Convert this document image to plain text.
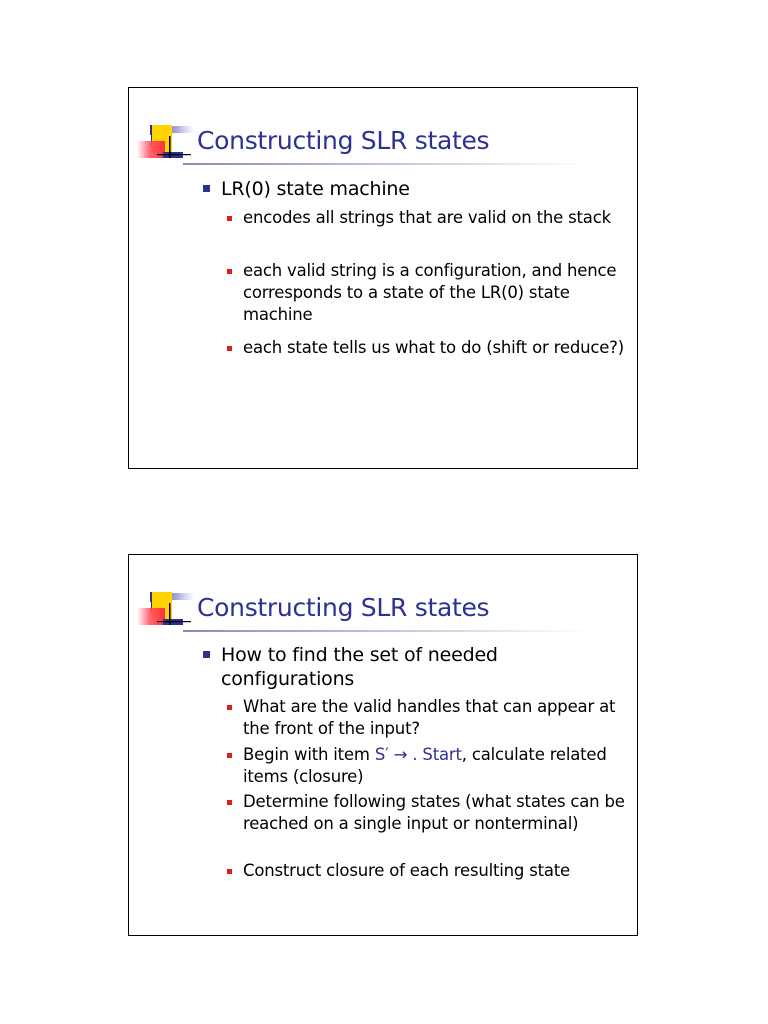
Constructing SLR states
LR(0) state machine
encodes all strings that are valid on the stack
each valid string is a configuration, and hence corresponds to a state of the LR(0) state machine
each state tells us what to do (shift or reduce?)
Constructing SLR states
How to find the set of needed configurations
What are the valid handles that can appear at the front of the input?
Begin with item S′ → . Start, calculate related items (closure)
Determine following states (what states can be reached on a single input or nonterminal)
Construct closure of each resulting state
